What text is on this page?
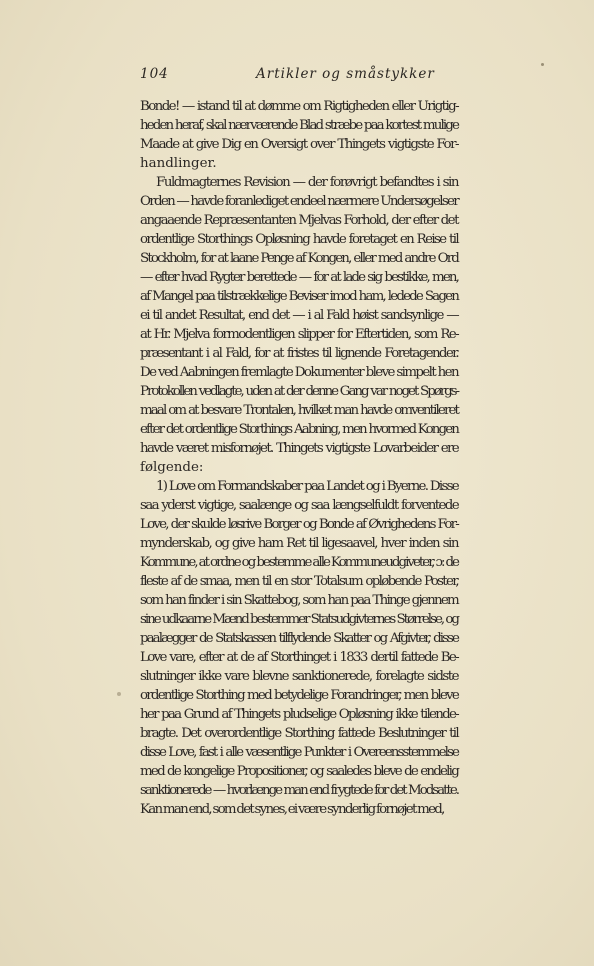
104	Artikler og småstykker
Bonde! — istand til at dømme om Rigtigheden eller Urigtig-
heden heraf, skal nærværende Blad stræbe paa kortest mulige
Maade at give Dig en Oversigt over Thingets vigtigste For-
handlinger.
Fuldmagternes Revision — der forøvrigt befandtes i sin
Orden — havde foranlediget endeel nærmere Undersøgelser
angaaende Repræsentanten Mjelvas Forhold, der efter det
ordentlige Storthings Opløsning havde foretaget en Reise til
Stockholm, for at laane Penge af Kongen, eller med andre Ord
— efter hvad Rygter berettede — for at lade sig bestikke, men,
af Mangel paa tilstrækkelige Beviser imod ham, ledede Sagen
ei til andet Resultat, end det — i al Fald høist sandsynlige —
at Hr. Mjelva formodentligen slipper for Eftertiden, som Re-
præsentant i al Fald, for at fristes til lignende Foretagender.
De ved Aabningen fremlagte Dokumenter bleve simpelt hen
Protokollen vedlagte, uden at der denne Gang var noget Spørgs-
maal om at besvare Trontalen, hvilket man havde omventileret
efter det ordentlige Storthings Aabning, men hvormed Kongen
havde været misfornøjet. Thingets vigtigste Lovarbeider ere
følgende:
1) Love om Formandskaber paa Landet og i Byerne. Disse
saa yderst vigtige, saalænge og saa længselfuldt forventede
Love, der skulde løsrive Borger og Bonde af Øvrighedens For-
mynderskab, og give ham Ret til ligesaavel, hver inden sin
Kommune, at ordne og bestemme alle Kommuneudgiveter, ɔ: de
fleste af de smaa, men til en stor Totalsum opløbende Poster,
som han finder i sin Skattebog, som han paa Thinge gjennem
sine udkaarne Mænd bestemmer Statsudgivternes Størrelse, og
paalægger de Statskassen tilflydende Skatter og Afgivter, disse
Love vare, efter at de af Storthinget i 1833 dertil fattede Be-
slutninger ikke vare blevne sanktionerede, forelagte sidste
ordentlige Storthing med betydelige Forandringer, men bleve
her paa Grund af Thingets pludselige Opløsning ikke tilende-
bragte. Det overordentlige Storthing fattede Beslutninger til
disse Love, fast i alle væsentlige Punkter i Overeensstemmelse
med de kongelige Propositioner, og saaledes bleve de endelig
sanktionerede — hvorlænge man end frygtede for det Modsatte.
Kan man end, som det synes, ei være synderlig fornøjet med,
